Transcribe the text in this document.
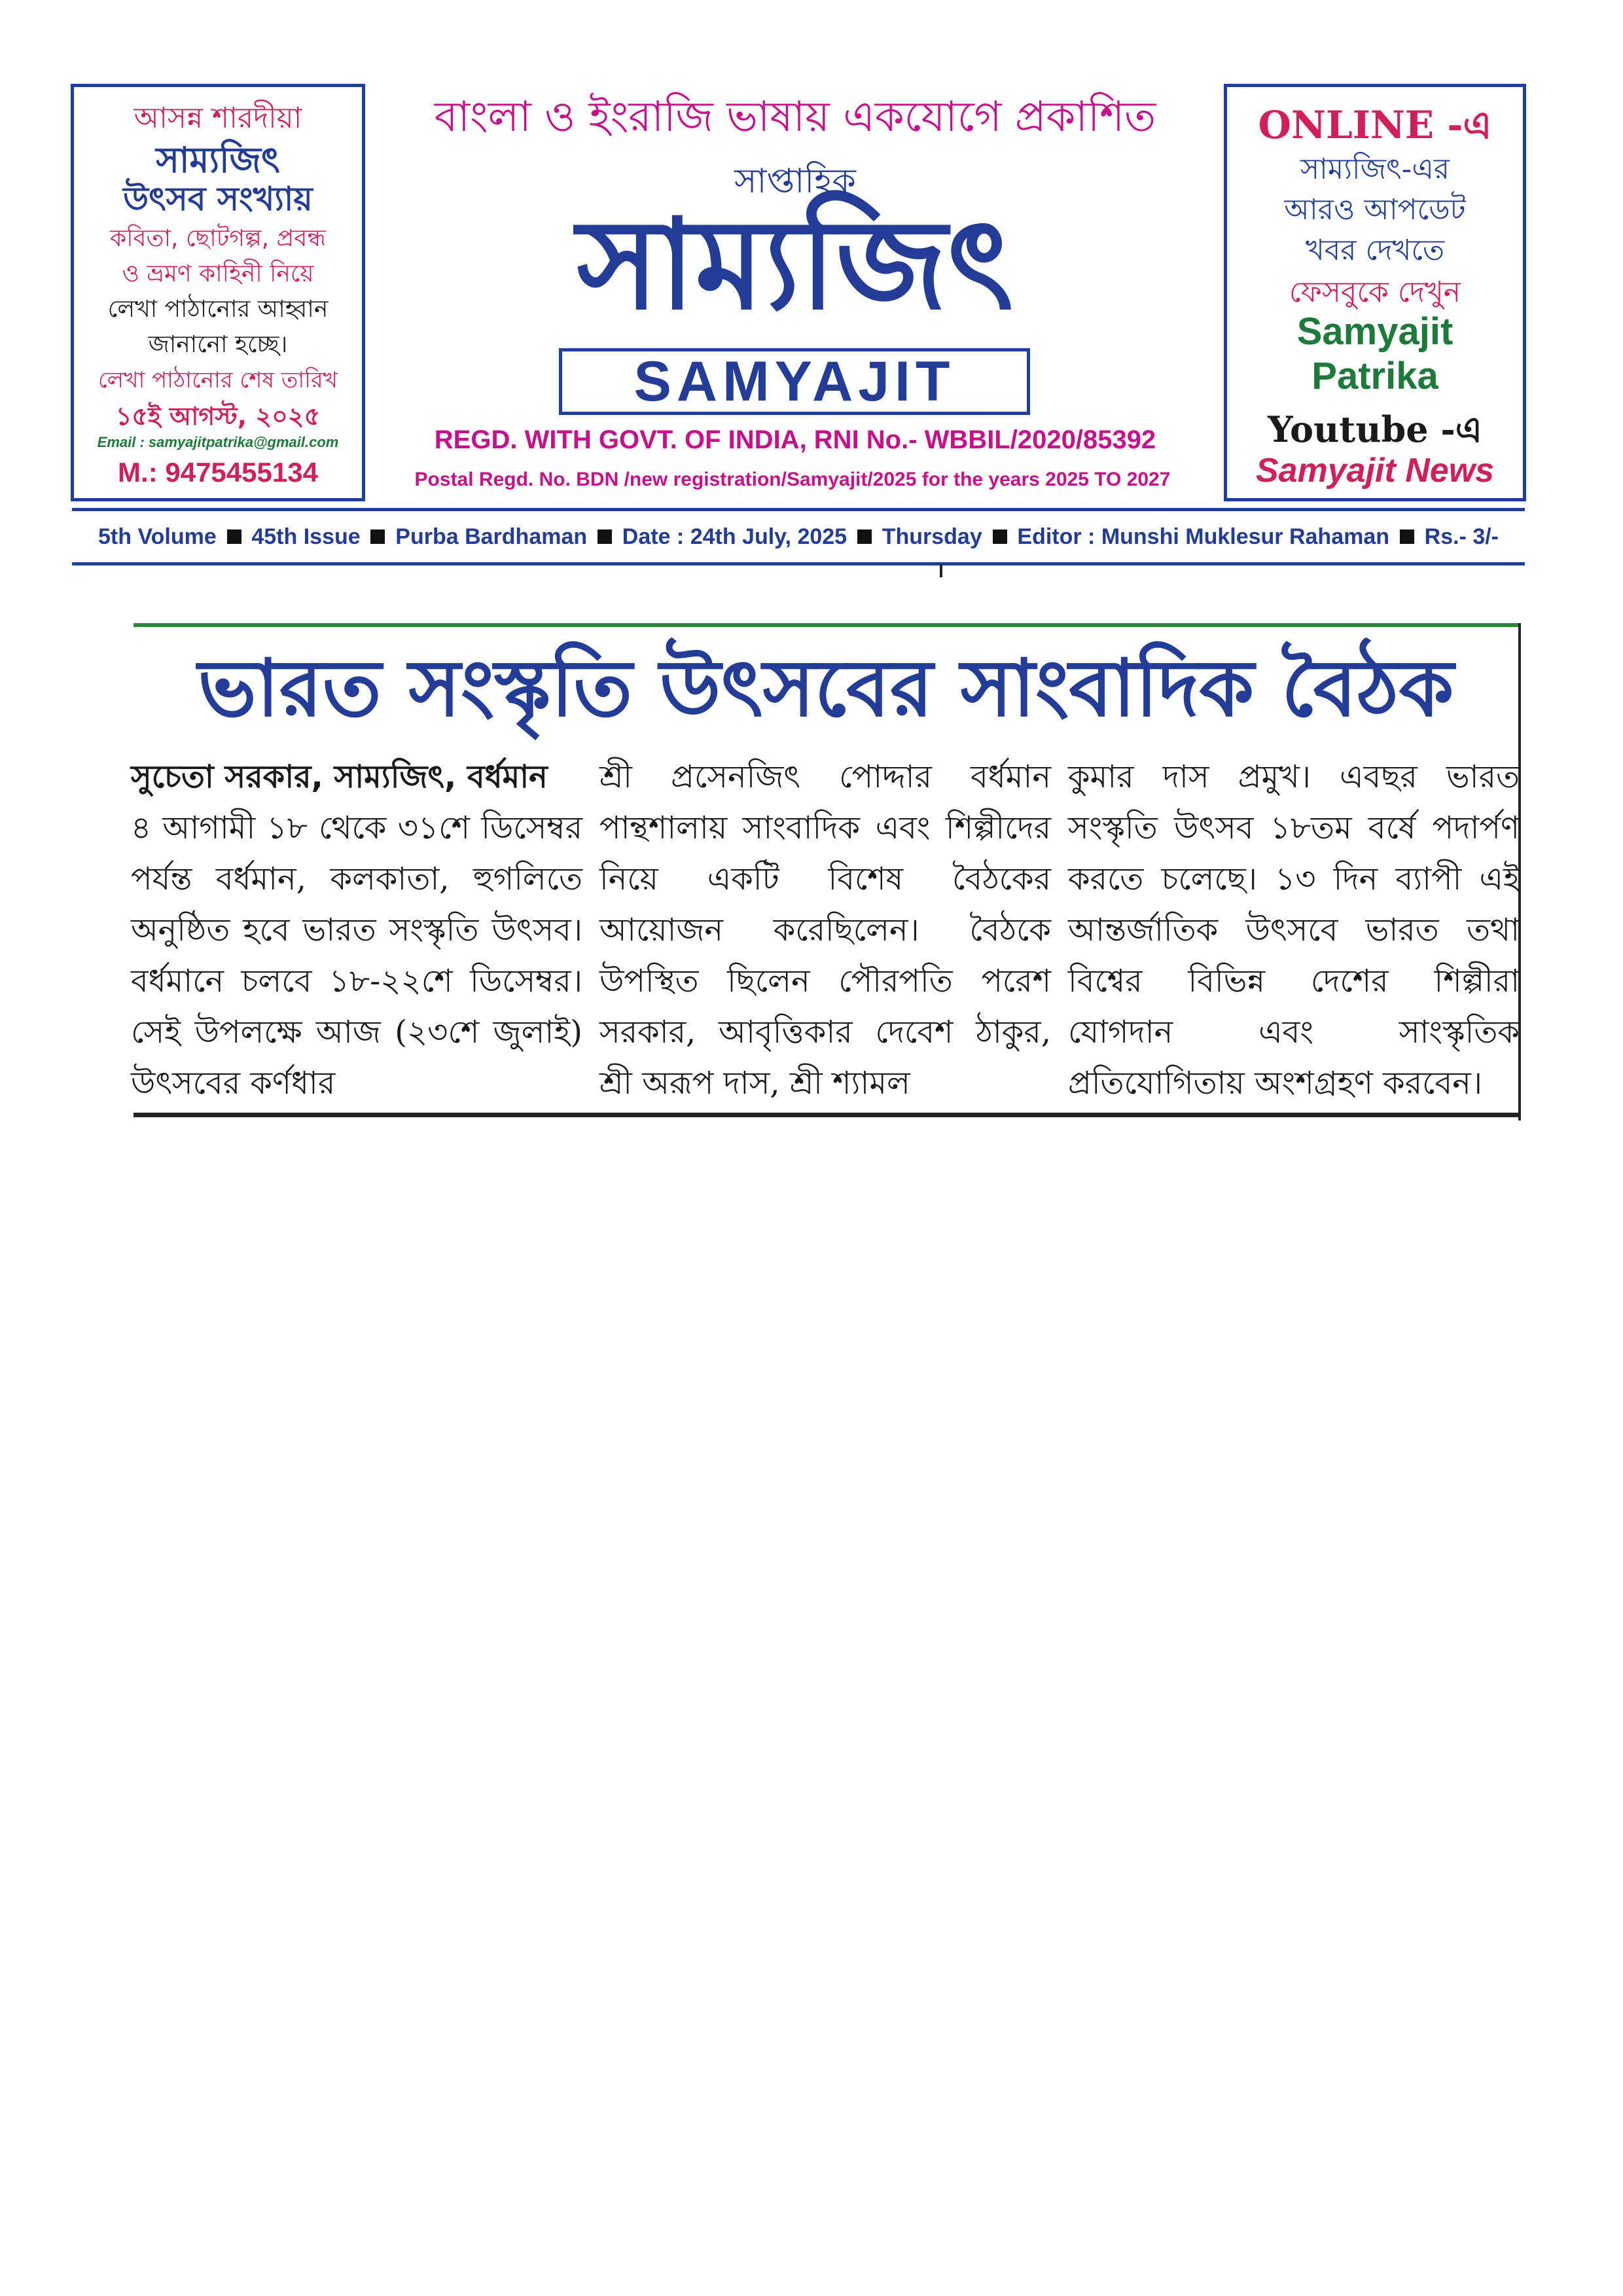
আসন্ন শারদীয়া
সাম্যজিৎ
উৎসব সংখ্যায়
কবিতা, ছোটগল্প, প্রবন্ধ
ও ভ্রমণ কাহিনী নিয়ে
লেখা পাঠানোর আহ্বান
জানানো হচ্ছে।
লেখা পাঠানোর শেষ তারিখ
১৫ই আগস্ট, ২০২৫
Email : samyajitpatrika@gmail.com
M.: 9475455134
বাংলা ও ইংরাজি ভাষায় একযোগে প্রকাশিত
সাপ্তাহিক
সাম্যজিৎ
SAMYAJIT
REGD. WITH GOVT. OF INDIA, RNI No.- WBBIL/2020/85392
Postal Regd. No. BDN /new registration/Samyajit/2025 for the years 2025 TO 2027
ONLINE -এ
সাম্যজিৎ-এর
আরও আপডেট
খবর দেখতে
ফেসবুকে দেখুন
Samyajit
Patrika
Youtube -এ
Samyajit News
5th Volume 45th Issue Purba Bardhaman Date : 24th July, 2025 Thursday Editor : Munshi Muklesur Rahaman Rs.- 3/-
ভারত সংস্কৃতি উৎসবের সাংবাদিক বৈঠক

সুচেতা সরকার, সাম্যজিৎ, বর্ধমান

৪ আগামী ১৮ থেকে ৩১শে ডিসেম্বর পর্যন্ত বর্ধমান, কলকাতা, হুগলিতে অনুষ্ঠিত হবে ভারত সংস্কৃতি উৎসব। বর্ধমানে চলবে ১৮-২২শে ডিসেম্বর। সেই উপলক্ষে আজ (২৩শে জুলাই) উৎসবের কর্ণধার

শ্রী প্রসেনজিৎ পোদ্দার বর্ধমান পান্থশালায় সাংবাদিক এবং শিল্পীদের নিয়ে একটি বিশেষ বৈঠকের আয়োজন করেছিলেন। বৈঠকে উপস্থিত ছিলেন পৌরপতি পরেশ সরকার, আবৃত্তিকার দেবেশ ঠাকুর, শ্রী অরূপ দাস, শ্রী শ্যামল

কুমার দাস প্রমুখ। এবছর ভারত সংস্কৃতি উৎসব ১৮তম বর্ষে পদার্পণ করতে চলেছে। ১৩ দিন ব্যাপী এই আন্তর্জাতিক উৎসবে ভারত তথা বিশ্বের বিভিন্ন দেশের শিল্পীরা যোগদান এবং সাংস্কৃতিক প্রতিযোগিতায় অংশগ্রহণ করবেন।
